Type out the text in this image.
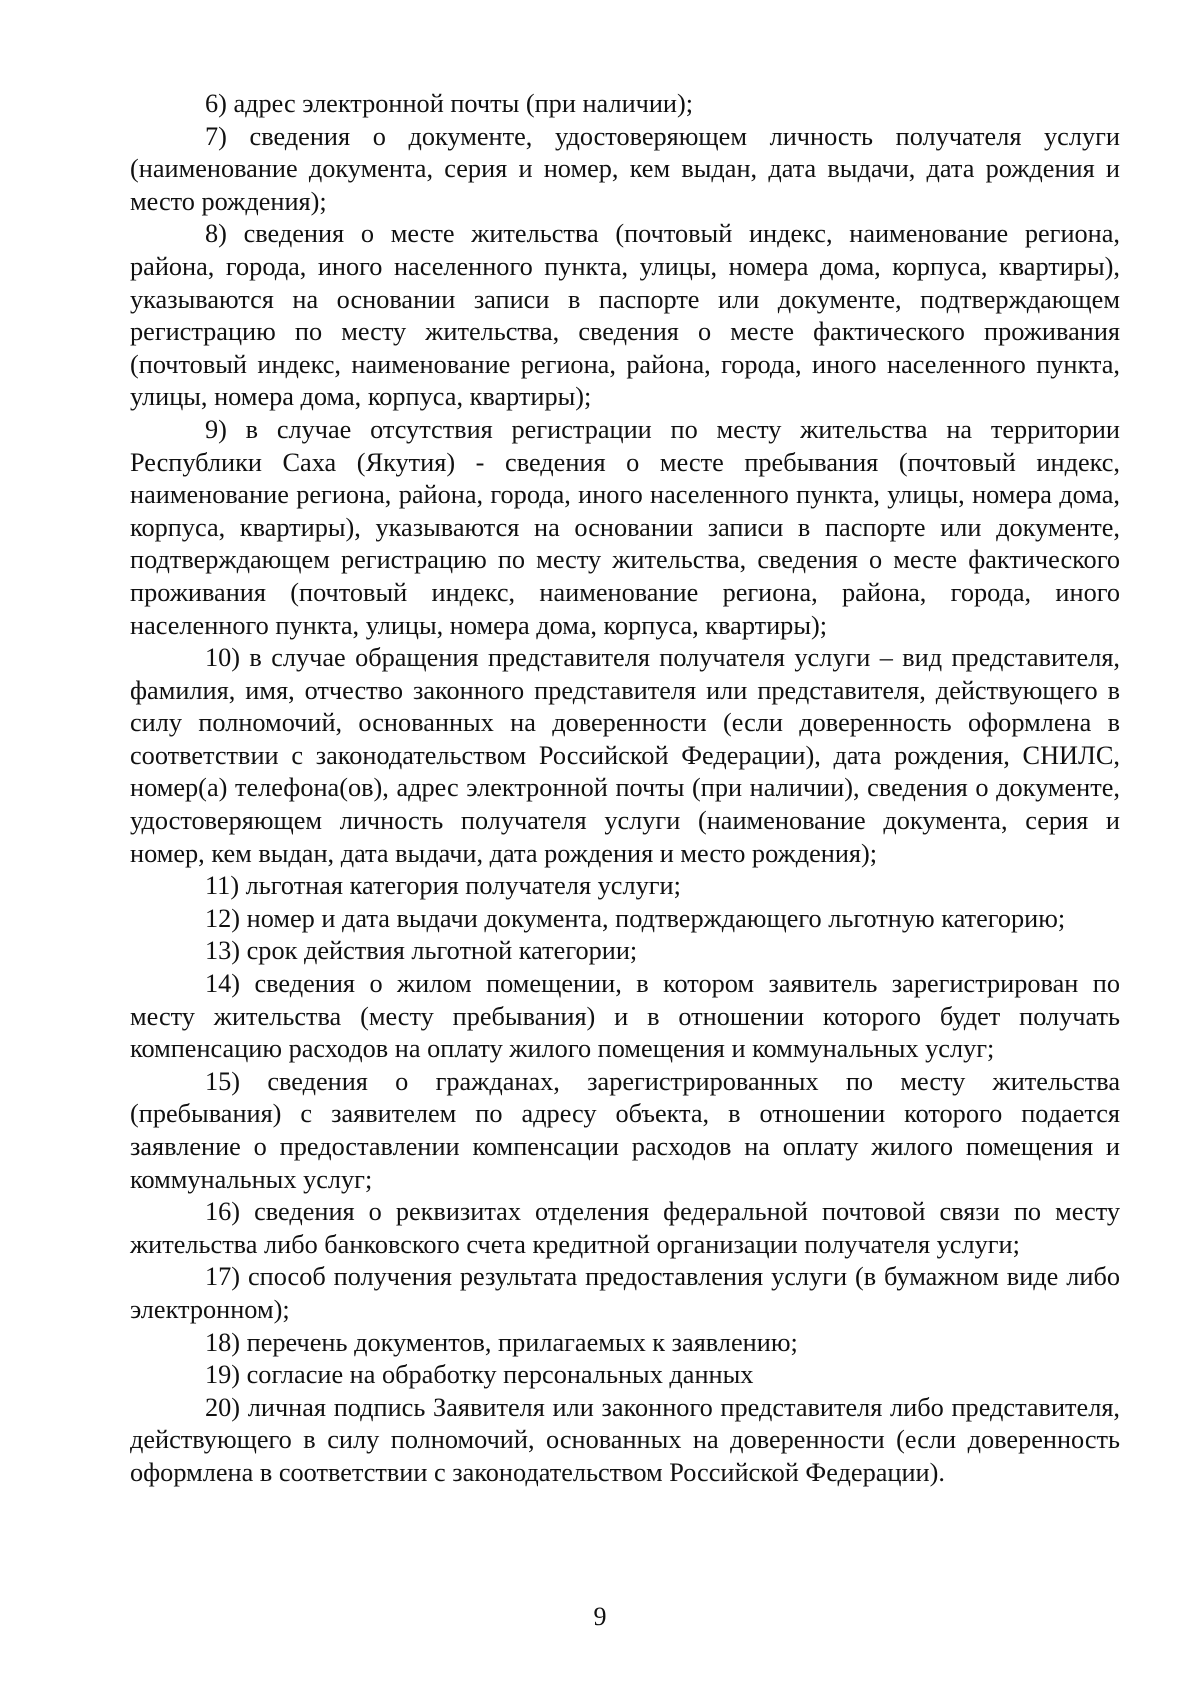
6) адрес электронной почты (при наличии);

7) сведения о документе, удостоверяющем личность получателя услуги (наименование документа, серия и номер, кем выдан, дата выдачи, дата рождения и место рождения);

8) сведения о месте жительства (почтовый индекс, наименование региона, района, города, иного населенного пункта, улицы, номера дома, корпуса, квартиры), указываются на основании записи в паспорте или документе, подтверждающем регистрацию по месту жительства, сведения о месте фактического проживания (почтовый индекс, наименование региона, района, города, иного населенного пункта, улицы, номера дома, корпуса, квартиры);

9) в случае отсутствия регистрации по месту жительства на территории Республики Саха (Якутия) - сведения о месте пребывания (почтовый индекс, наименование региона, района, города, иного населенного пункта, улицы, номера дома, корпуса, квартиры), указываются на основании записи в паспорте или документе, подтверждающем регистрацию по месту жительства, сведения о месте фактического проживания (почтовый индекс, наименование региона, района, города, иного населенного пункта, улицы, номера дома, корпуса, квартиры);

10) в случае обращения представителя получателя услуги – вид представителя, фамилия, имя, отчество законного представителя или представителя, действующего в силу полномочий, основанных на доверенности (если доверенность оформлена в соответствии с законодательством Российской Федерации), дата рождения, СНИЛС, номер(а) телефона(ов), адрес электронной почты (при наличии), сведения о документе, удостоверяющем личность получателя услуги (наименование документа, серия и номер, кем выдан, дата выдачи, дата рождения и место рождения);

11) льготная категория получателя услуги;

12) номер и дата выдачи документа, подтверждающего льготную категорию;

13) срок действия льготной категории;

14) сведения о жилом помещении, в котором заявитель зарегистрирован по месту жительства (месту пребывания) и в отношении которого будет получать компенсацию расходов на оплату жилого помещения и коммунальных услуг;

15) сведения о гражданах, зарегистрированных по месту жительства (пребывания) с заявителем по адресу объекта, в отношении которого подается заявление о предоставлении компенсации расходов на оплату жилого помещения и коммунальных услуг;

16) сведения о реквизитах отделения федеральной почтовой связи по месту жительства либо банковского счета кредитной организации получателя услуги;

17) способ получения результата предоставления услуги (в бумажном виде либо электронном);

18) перечень документов, прилагаемых к заявлению;

19) согласие на обработку персональных данных

20) личная подпись Заявителя или законного представителя либо представителя, действующего в силу полномочий, основанных на доверенности (если доверенность оформлена в соответствии с законодательством Российской Федерации).

9
